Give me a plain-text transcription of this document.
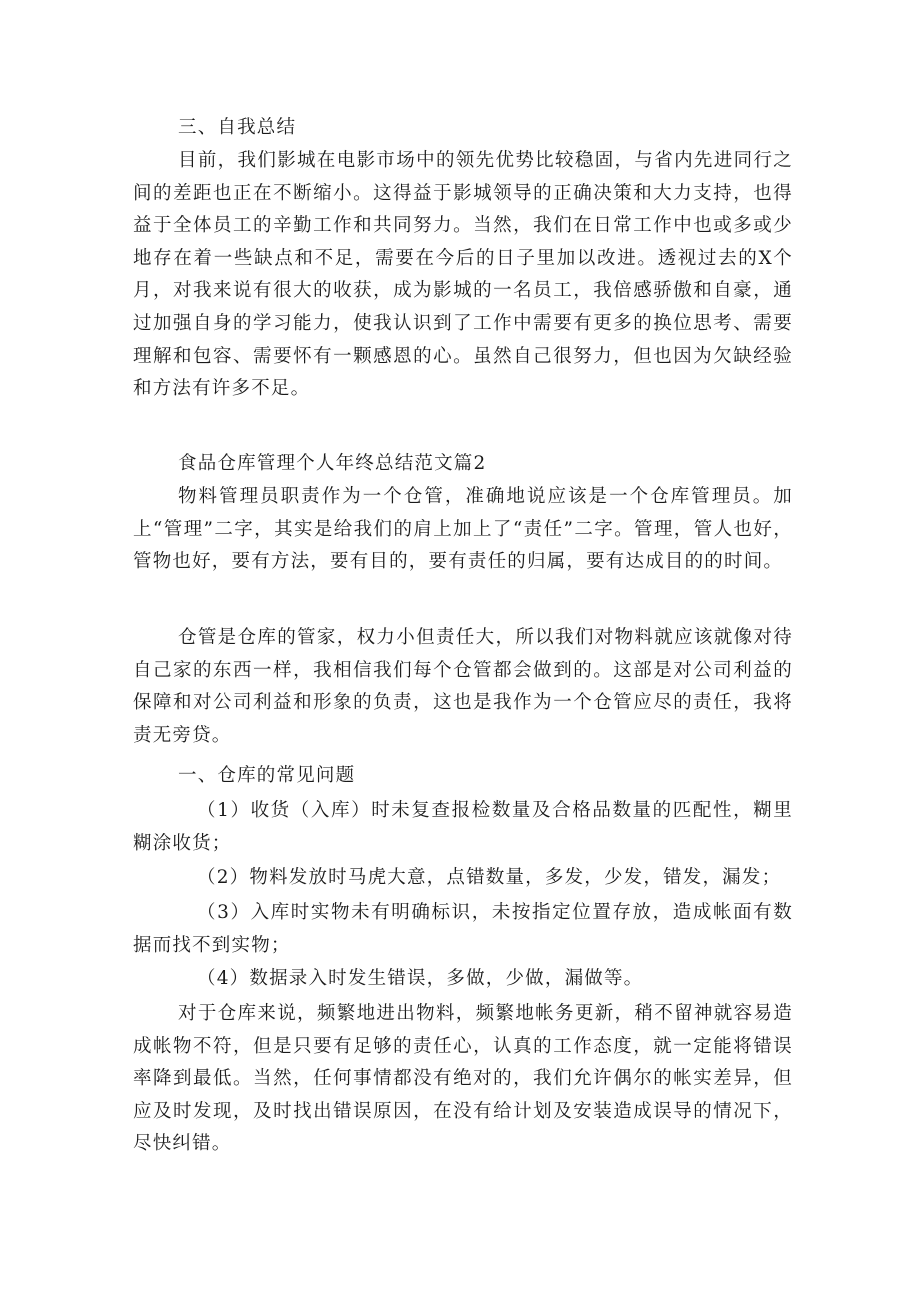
三、自我总结

目前，我们影城在电影市场中的领先优势比较稳固，与省内先进同行之间的差距也正在不断缩小。这得益于影城领导的正确决策和大力支持，也得益于全体员工的辛勤工作和共同努力。当然，我们在日常工作中也或多或少地存在着一些缺点和不足，需要在今后的日子里加以改进。透视过去的X个月，对我来说有很大的收获，成为影城的一名员工，我倍感骄傲和自豪，通过加强自身的学习能力，使我认识到了工作中需要有更多的换位思考、需要理解和包容、需要怀有一颗感恩的心。虽然自己很努力，但也因为欠缺经验和方法有许多不足。

食品仓库管理个人年终总结范文篇2

物料管理员职责作为一个仓管，准确地说应该是一个仓库管理员。加上“管理”二字，其实是给我们的肩上加上了“责任”二字。管理，管人也好，管物也好，要有方法，要有目的，要有责任的归属，要有达成目的的时间。

仓管是仓库的管家，权力小但责任大，所以我们对物料就应该就像对待自己家的东西一样，我相信我们每个仓管都会做到的。这部是对公司利益的保障和对公司利益和形象的负责，这也是我作为一个仓管应尽的责任，我将责无旁贷。

一、仓库的常见问题

（1）收货（入库）时未复查报检数量及合格品数量的匹配性，糊里糊涂收货；

（2）物料发放时马虎大意，点错数量，多发，少发，错发，漏发；

（3）入库时实物未有明确标识，未按指定位置存放，造成帐面有数据而找不到实物；

（4）数据录入时发生错误，多做，少做，漏做等。

对于仓库来说，频繁地进出物料，频繁地帐务更新，稍不留神就容易造成帐物不符，但是只要有足够的责任心，认真的工作态度，就一定能将错误率降到最低。当然，任何事情都没有绝对的，我们允许偶尔的帐实差异，但应及时发现，及时找出错误原因，在没有给计划及安装造成误导的情况下，尽快纠错。
